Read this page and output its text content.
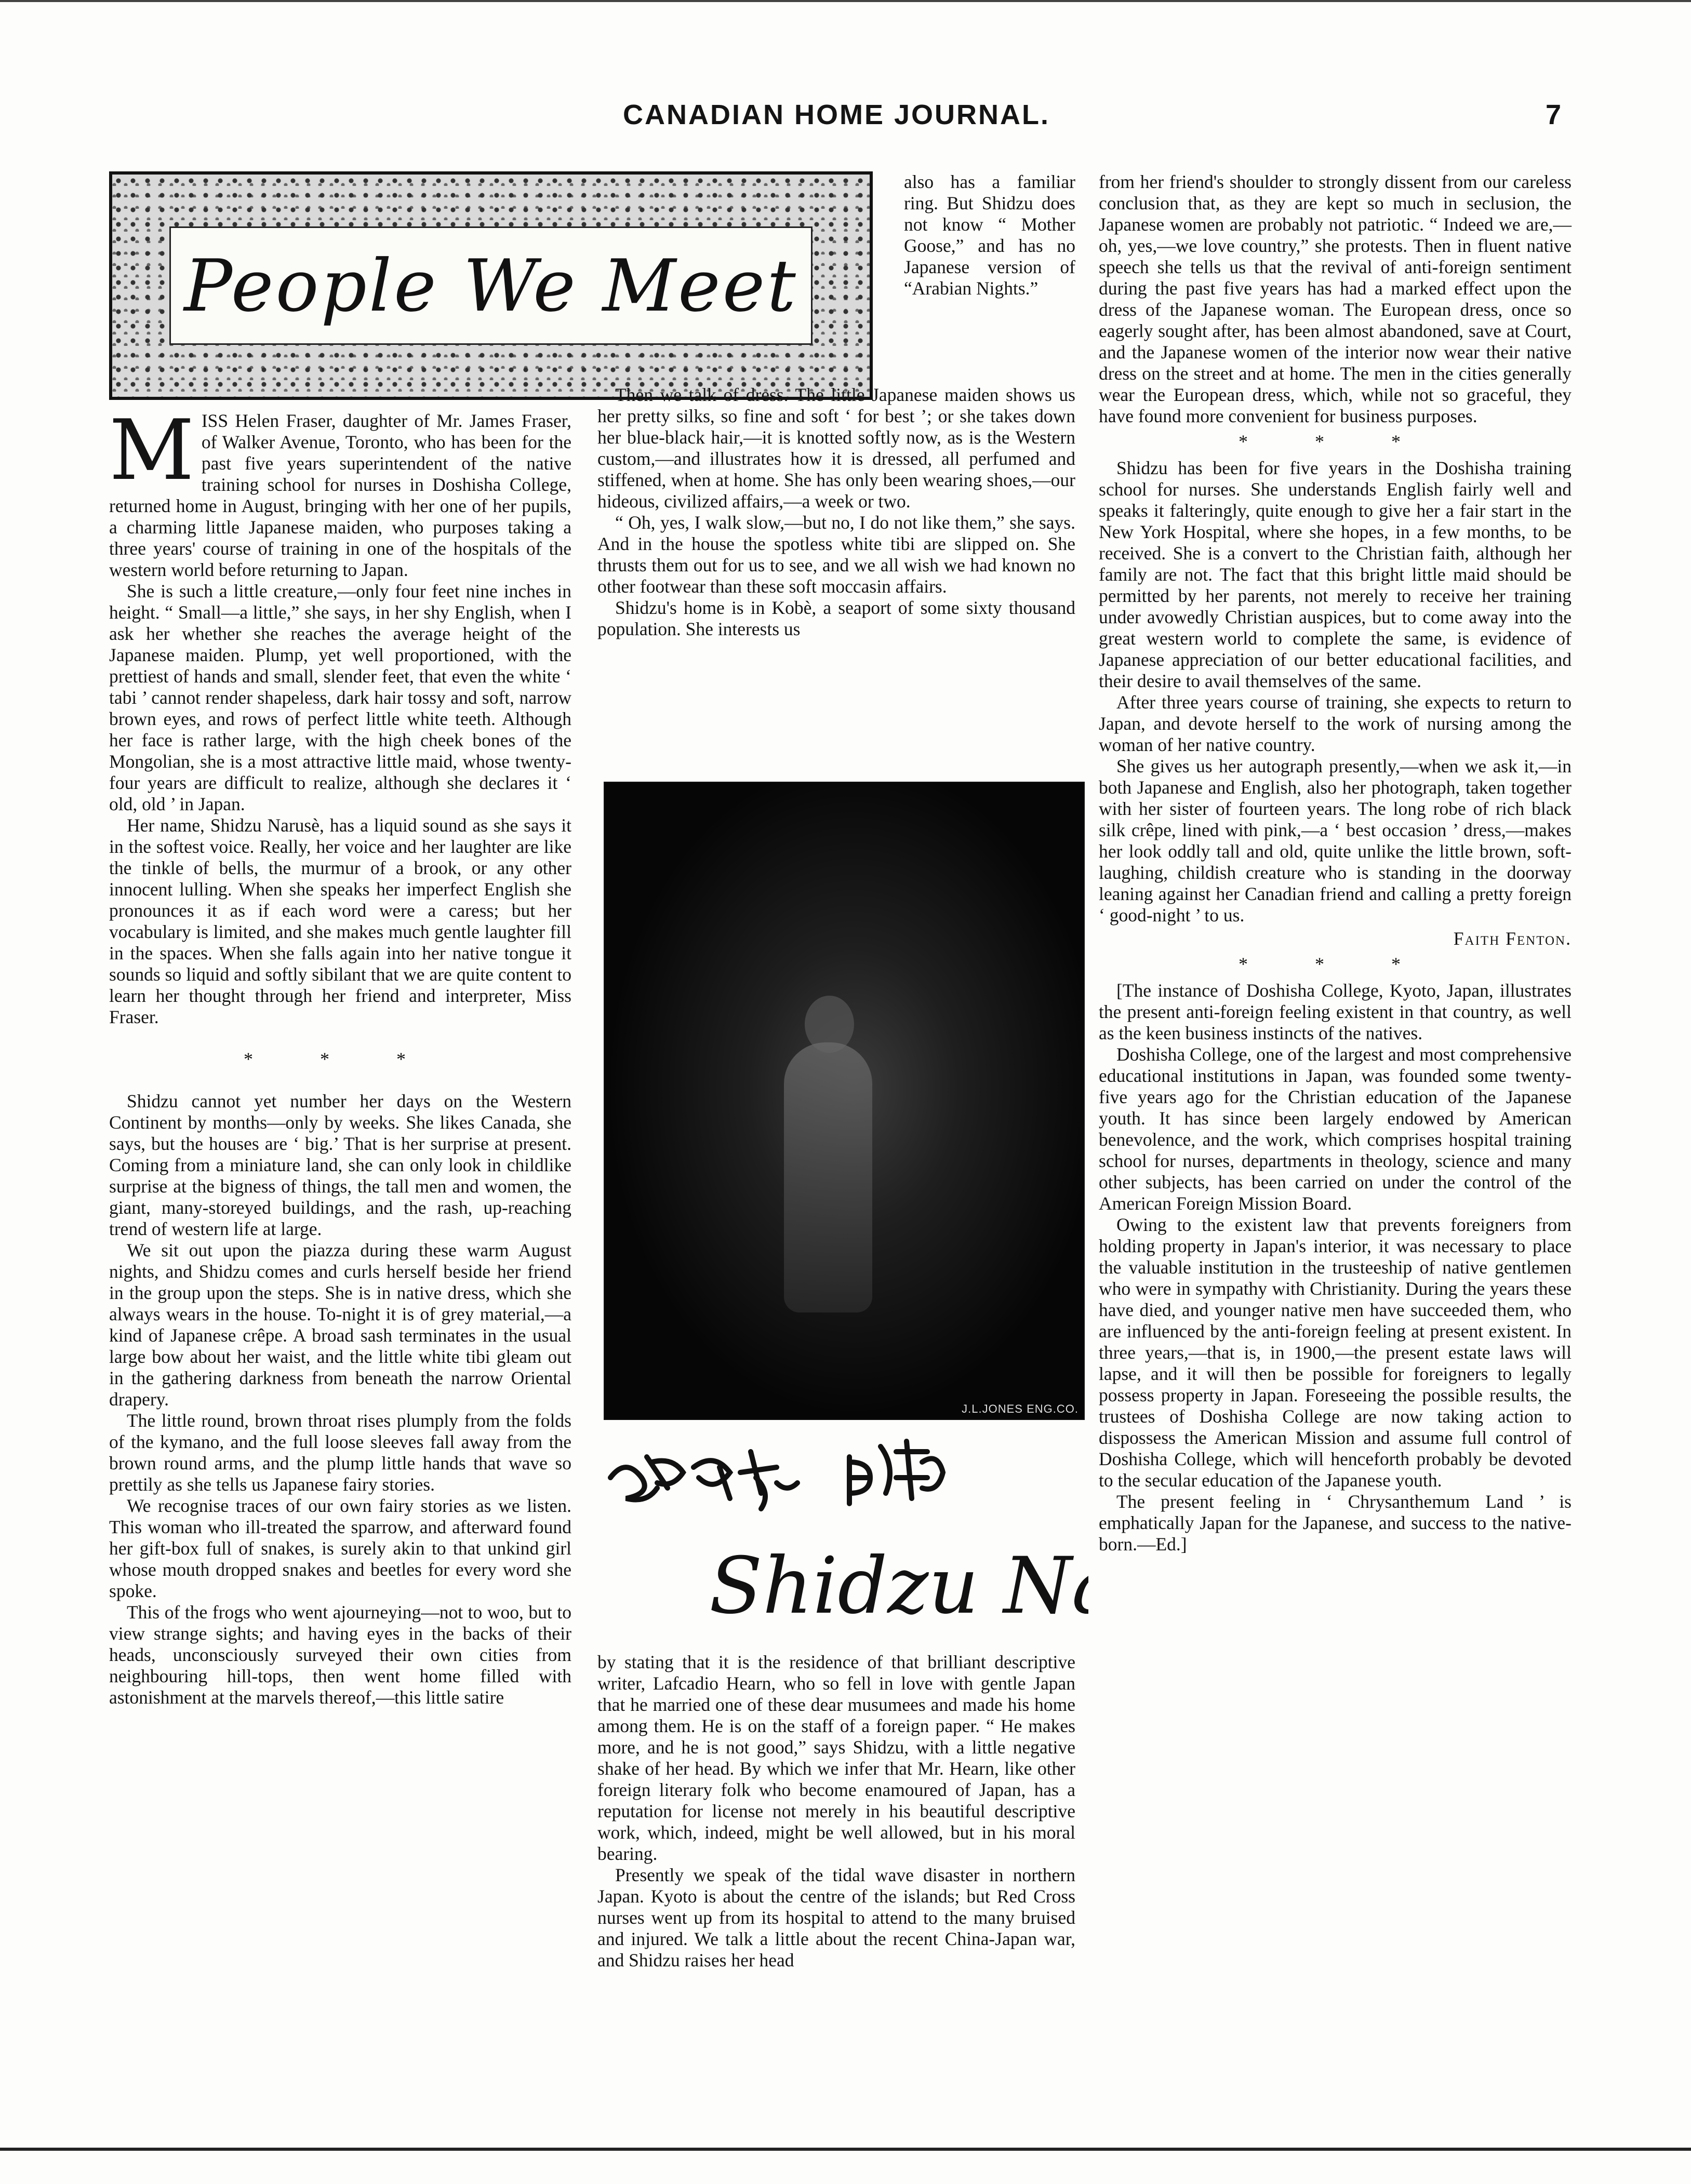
CANADIAN HOME JOURNAL.	7
People We Meet

MISS Helen Fraser, daughter of Mr. James Fraser, of Walker Avenue, Toronto, who has been for the past five years superintendent of the native training school for nurses in Doshisha College, returned home in August, bringing with her one of her pupils, a charming little Japanese maiden, who purposes taking a three years' course of training in one of the hospitals of the western world before returning to Japan.

She is such a little creature,—only four feet nine inches in height. “ Small—a little,” she says, in her shy English, when I ask her whether she reaches the average height of the Japanese maiden. Plump, yet well proportioned, with the prettiest of hands and small, slender feet, that even the white ‘ tabi ’ cannot render shapeless, dark hair tossy and soft, narrow brown eyes, and rows of perfect little white teeth. Although her face is rather large, with the high cheek bones of the Mongolian, she is a most attractive little maid, whose twenty-four years are difficult to realize, although she declares it ‘ old, old ’ in Japan.

Her name, Shidzu Narusè, has a liquid sound as she says it in the softest voice. Really, her voice and her laughter are like the tinkle of bells, the murmur of a brook, or any other innocent lulling. When she speaks her imperfect English she pronounces it as if each word were a caress; but her vocabulary is limited, and she makes much gentle laughter fill in the spaces. When she falls again into her native tongue it sounds so liquid and softly sibilant that we are quite content to learn her thought through her friend and interpreter, Miss Fraser.

* * *

Shidzu cannot yet number her days on the Western Continent by months—only by weeks. She likes Canada, she says, but the houses are ‘ big.’ That is her surprise at present. Coming from a miniature land, she can only look in childlike surprise at the bigness of things, the tall men and women, the giant, many-storeyed buildings, and the rash, up-reaching trend of western life at large.

We sit out upon the piazza during these warm August nights, and Shidzu comes and curls herself beside her friend in the group upon the steps. She is in native dress, which she always wears in the house. To-night it is of grey material,—a kind of Japanese crêpe. A broad sash terminates in the usual large bow about her waist, and the little white tibi gleam out in the gathering darkness from beneath the narrow Oriental drapery.

The little round, brown throat rises plumply from the folds of the kymano, and the full loose sleeves fall away from the brown round arms, and the plump little hands that wave so prettily as she tells us Japanese fairy stories.

We recognise traces of our own fairy stories as we listen. This woman who ill-treated the sparrow, and afterward found her gift-box full of snakes, is surely akin to that unkind girl whose mouth dropped snakes and beetles for every word she spoke.

This of the frogs who went ajourneying—not to woo, but to view strange sights; and having eyes in the backs of their heads, unconsciously surveyed their own cities from neighbouring hill-tops, then went home filled with astonishment at the marvels thereof,—this little satire

also has a familiar ring. But Shidzu does not know “ Mother Goose,” and has no Japanese version of “Arabian Nights.”

Then we talk of dress. The little Japanese maiden shows us her pretty silks, so fine and soft ‘ for best ’; or she takes down her blue-black hair,—it is knotted softly now, as is the Western custom,—and illustrates how it is dressed, all perfumed and stiffened, when at home. She has only been wearing shoes,—our hideous, civilized affairs,—a week or two.

“ Oh, yes, I walk slow,—but no, I do not like them,” she says. And in the house the spotless white tibi are slipped on. She thrusts them out for us to see, and we all wish we had known no other footwear than these soft moccasin affairs.

Shidzu's home is in Kobè, a seaport of some sixty thousand population. She interests us

J.L.JONES ENG.CO.
Shidzu N

by stating that it is the residence of that brilliant descriptive writer, Lafcadio Hearn, who so fell in love with gentle Japan that he married one of these dear musumees and made his home among them. He is on the staff of a foreign paper. “ He makes more, and he is not good,” says Shidzu, with a little negative shake of her head. By which we infer that Mr. Hearn, like other foreign literary folk who become enamoured of Japan, has a reputation for license not merely in his beautiful descriptive work, which, indeed, might be well allowed, but in his moral bearing.

Presently we speak of the tidal wave disaster in northern Japan. Kyoto is about the centre of the islands; but Red Cross nurses went up from its hospital to attend to the many bruised and injured. We talk a little about the recent China-Japan war, and Shidzu raises her head

from her friend's shoulder to strongly dissent from our careless conclusion that, as they are kept so much in seclusion, the Japanese women are probably not patriotic. “ Indeed we are,—oh, yes,—we love country,” she protests. Then in fluent native speech she tells us that the revival of anti-foreign sentiment during the past five years has had a marked effect upon the dress of the Japanese woman. The European dress, once so eagerly sought after, has been almost abandoned, save at Court, and the Japanese women of the interior now wear their native dress on the street and at home. The men in the cities generally wear the European dress, which, while not so graceful, they have found more convenient for business purposes.

* * *

Shidzu has been for five years in the Doshisha training school for nurses. She understands English fairly well and speaks it falteringly, quite enough to give her a fair start in the New York Hospital, where she hopes, in a few months, to be received. She is a convert to the Christian faith, although her family are not. The fact that this bright little maid should be permitted by her parents, not merely to receive her training under avowedly Christian auspices, but to come away into the great western world to complete the same, is evidence of Japanese appreciation of our better educational facilities, and their desire to avail themselves of the same.

After three years course of training, she expects to return to Japan, and devote herself to the work of nursing among the woman of her native country.

She gives us her autograph presently,—when we ask it,—in both Japanese and English, also her photograph, taken together with her sister of fourteen years. The long robe of rich black silk crêpe, lined with pink,—a ‘ best occasion ’ dress,—makes her look oddly tall and old, quite unlike the little brown, soft-laughing, childish creature who is standing in the doorway leaning against her Canadian friend and calling a pretty foreign ‘ good-night ’ to us.

Faith Fenton.
* * *

[The instance of Doshisha College, Kyoto, Japan, illustrates the present anti-foreign feeling existent in that country, as well as the keen business instincts of the natives.

Doshisha College, one of the largest and most comprehensive educational institutions in Japan, was founded some twenty-five years ago for the Christian education of the Japanese youth. It has since been largely endowed by American benevolence, and the work, which comprises hospital training school for nurses, departments in theology, science and many other subjects, has been carried on under the control of the American Foreign Mission Board.

Owing to the existent law that prevents foreigners from holding property in Japan's interior, it was necessary to place the valuable institution in the trusteeship of native gentlemen who were in sympathy with Christianity. During the years these have died, and younger native men have succeeded them, who are influenced by the anti-foreign feeling at present existent. In three years,—that is, in 1900,—the present estate laws will lapse, and it will then be possible for foreigners to legally possess property in Japan. Foreseeing the possible results, the trustees of Doshisha College are now taking action to dispossess the American Mission and assume full control of Doshisha College, which will henceforth probably be devoted to the secular education of the Japanese youth.

The present feeling in ‘ Chrysanthemum Land ’ is emphatically Japan for the Japanese, and success to the native-born.—Ed.]
